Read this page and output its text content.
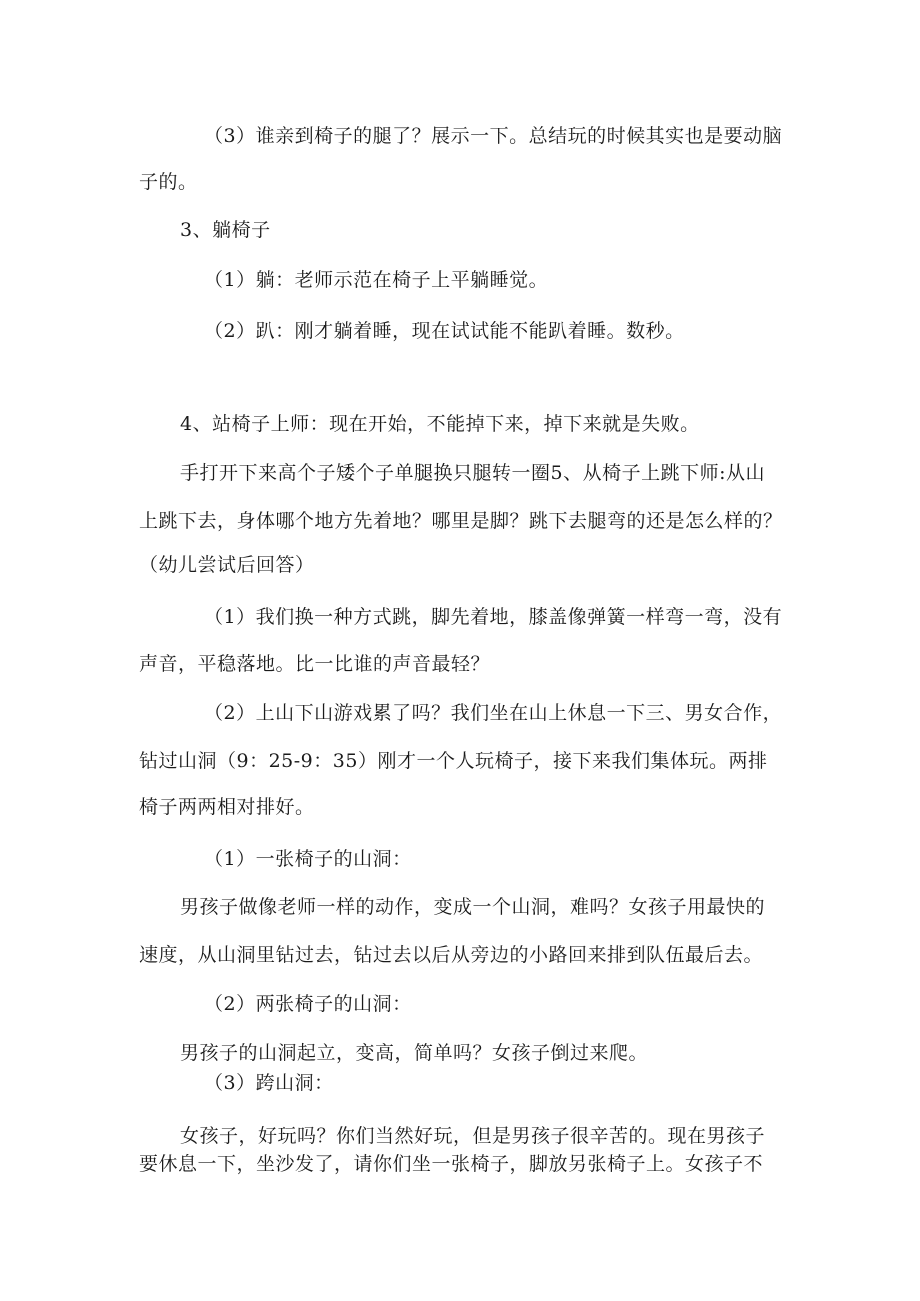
（3）谁亲到椅子的腿了？展示一下。总结玩的时候其实也是要动脑
子的。
3、躺椅子
（1）躺：老师示范在椅子上平躺睡觉。
（2）趴：刚才躺着睡，现在试试能不能趴着睡。数秒。
4、站椅子上师：现在开始，不能掉下来，掉下来就是失败。
手打开下来高个子矮个子单腿换只腿转一圈5、从椅子上跳下师:从山
上跳下去，身体哪个地方先着地？哪里是脚？跳下去腿弯的还是怎么样的？
（幼儿尝试后回答）
（1）我们换一种方式跳，脚先着地，膝盖像弹簧一样弯一弯，没有
声音，平稳落地。比一比谁的声音最轻？
（2）上山下山游戏累了吗？我们坐在山上休息一下三、男女合作，
钻过山洞（9：25-9：35）刚才一个人玩椅子，接下来我们集体玩。两排
椅子两两相对排好。
（1）一张椅子的山洞：
男孩子做像老师一样的动作，变成一个山洞，难吗？女孩子用最快的
速度，从山洞里钻过去，钻过去以后从旁边的小路回来排到队伍最后去。
（2）两张椅子的山洞：
男孩子的山洞起立，变高，简单吗？女孩子倒过来爬。
（3）跨山洞：
女孩子，好玩吗？你们当然好玩，但是男孩子很辛苦的。现在男孩子
要休息一下，坐沙发了，请你们坐一张椅子，脚放另张椅子上。女孩子不
